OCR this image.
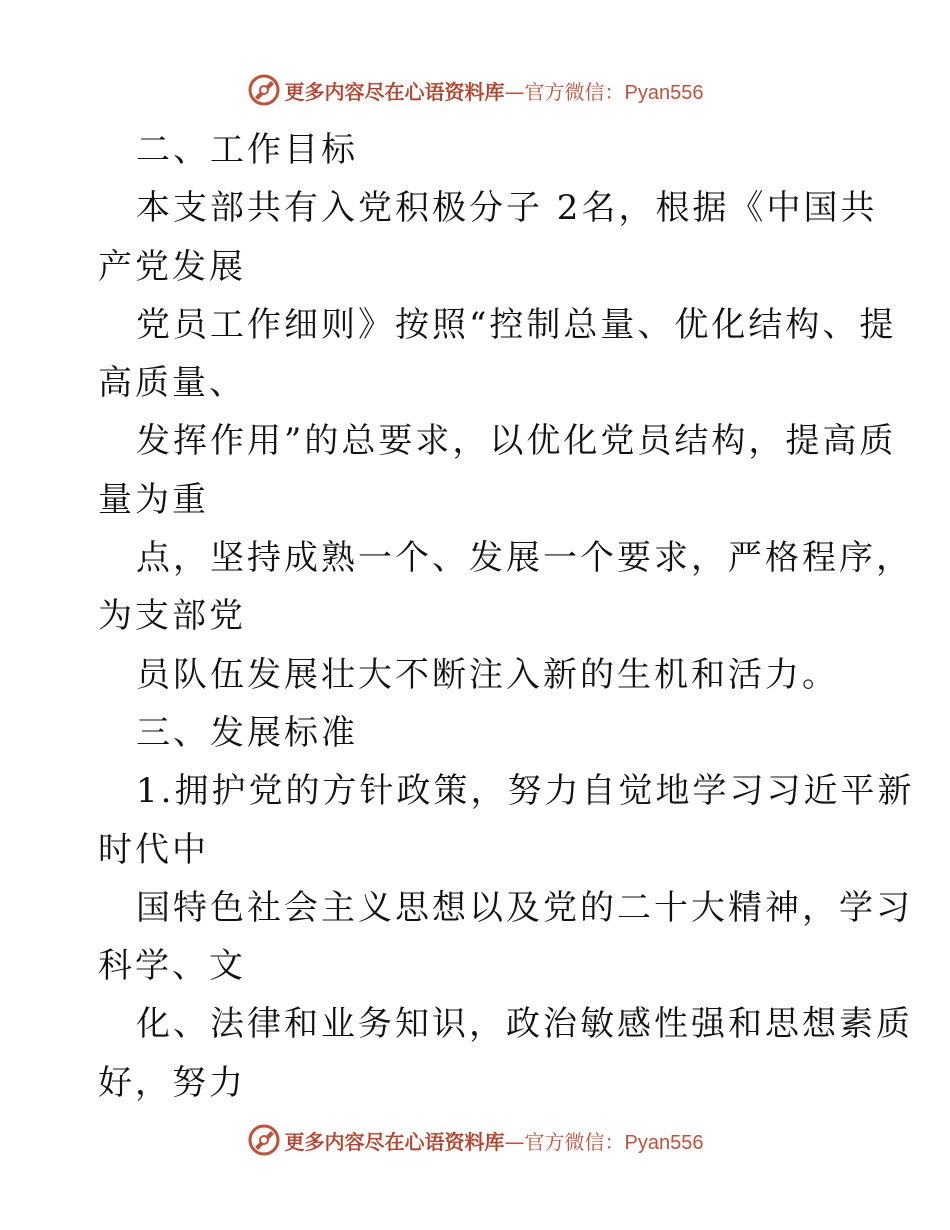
更多内容尽在心语资料库—官方微信：Pyan556
二、工作目标
本支部共有入党积极分子 2名，根据《中国共
产党发展
党员工作细则》按照“控制总量、优化结构、提
高质量、
发挥作用”的总要求，以优化党员结构，提高质
量为重
点，坚持成熟一个、发展一个要求，严格程序，
为支部党
员队伍发展壮大不断注入新的生机和活力。
三、发展标准
1.拥护党的方针政策，努力自觉地学习习近平新
时代中
国特色社会主义思想以及党的二十大精神，学习
科学、文
化、法律和业务知识，政治敏感性强和思想素质
好，努力
更多内容尽在心语资料库—官方微信：Pyan556
